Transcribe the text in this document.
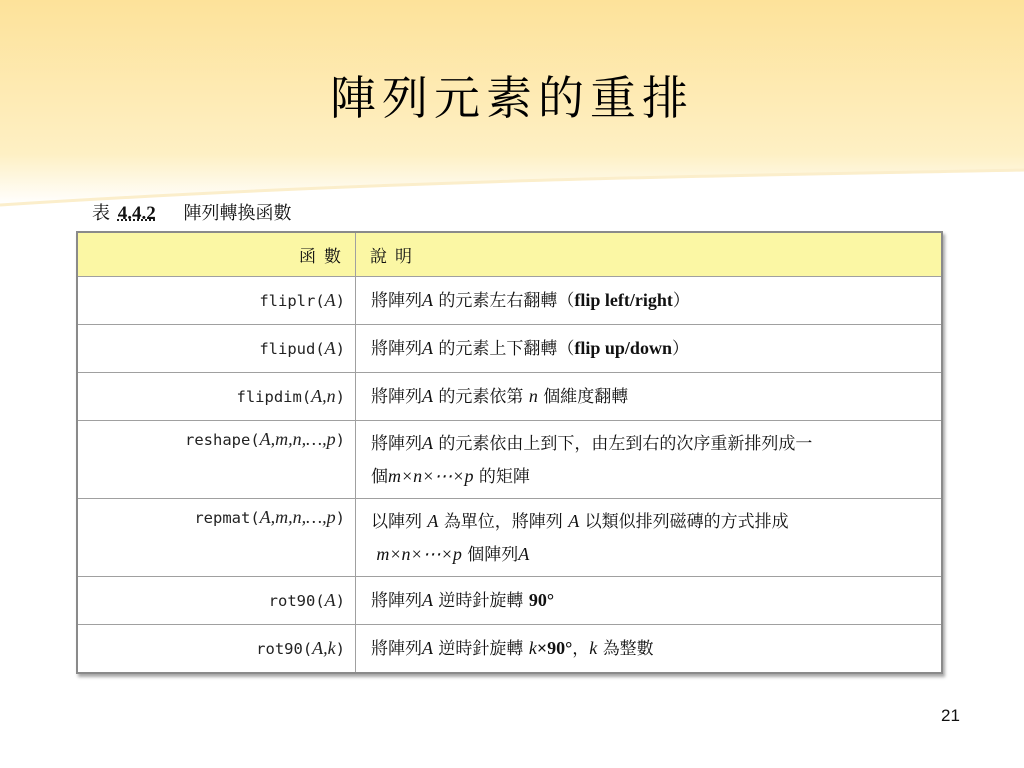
陣列元素的重排
表 4.4.2 陣列轉換函數
函數	說明
fliplr(A)	將陣列A 的元素左右翻轉（flip left/right）
flipud(A)	將陣列A 的元素上下翻轉（flip up/down）
flipdim(A,n)	將陣列A 的元素依第 n 個維度翻轉
reshape(A,m,n,…,p)	將陣列A 的元素依由上到下，由左到右的次序重新排列成一
個m×n×⋯×p 的矩陣
repmat(A,m,n,…,p)	以陣列 A 為單位，將陣列 A 以類似排列磁磚的方式排成
m×n×⋯×p 個陣列A
rot90(A)	將陣列A 逆時針旋轉 90°
rot90(A,k)	將陣列A 逆時針旋轉 k×90°，k 為整數
21
